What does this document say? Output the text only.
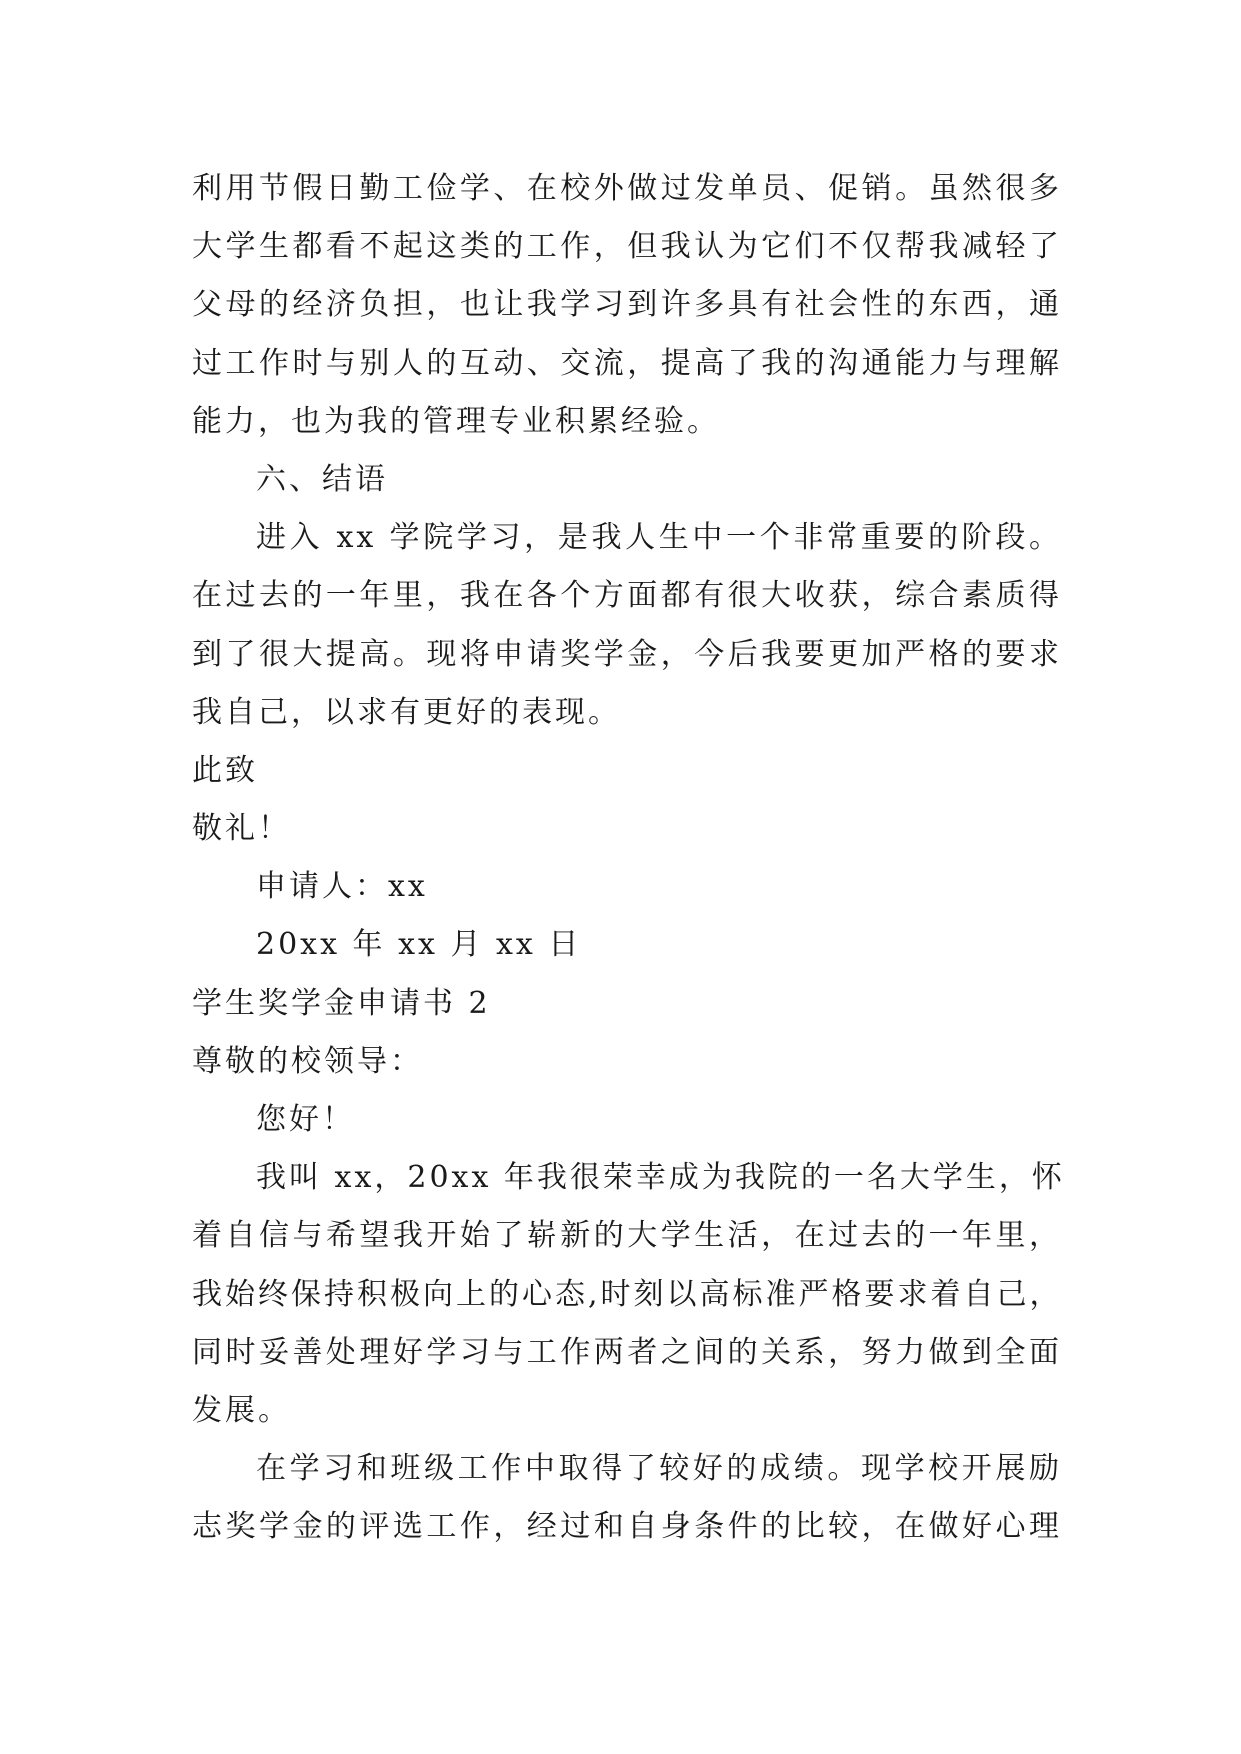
利用节假日勤工俭学、在校外做过发单员、促销。虽然很多
大学生都看不起这类的工作，但我认为它们不仅帮我减轻了
父母的经济负担，也让我学习到许多具有社会性的东西，通
过工作时与别人的互动、交流，提高了我的沟通能力与理解
能力，也为我的管理专业积累经验。
六、结语
进入 xx 学院学习，是我人生中一个非常重要的阶段。
在过去的一年里，我在各个方面都有很大收获，综合素质得
到了很大提高。现将申请奖学金，今后我要更加严格的要求
我自己，以求有更好的表现。
此致
敬礼！
申请人：xx
20xx 年 xx 月 xx 日
学生奖学金申请书 2
尊敬的校领导：
您好！
我叫 xx，20xx 年我很荣幸成为我院的一名大学生，怀
着自信与希望我开始了崭新的大学生活，在过去的一年里，
我始终保持积极向上的心态,时刻以高标准严格要求着自己，
同时妥善处理好学习与工作两者之间的关系，努力做到全面
发展。
在学习和班级工作中取得了较好的成绩。现学校开展励
志奖学金的评选工作，经过和自身条件的比较，在做好心理
